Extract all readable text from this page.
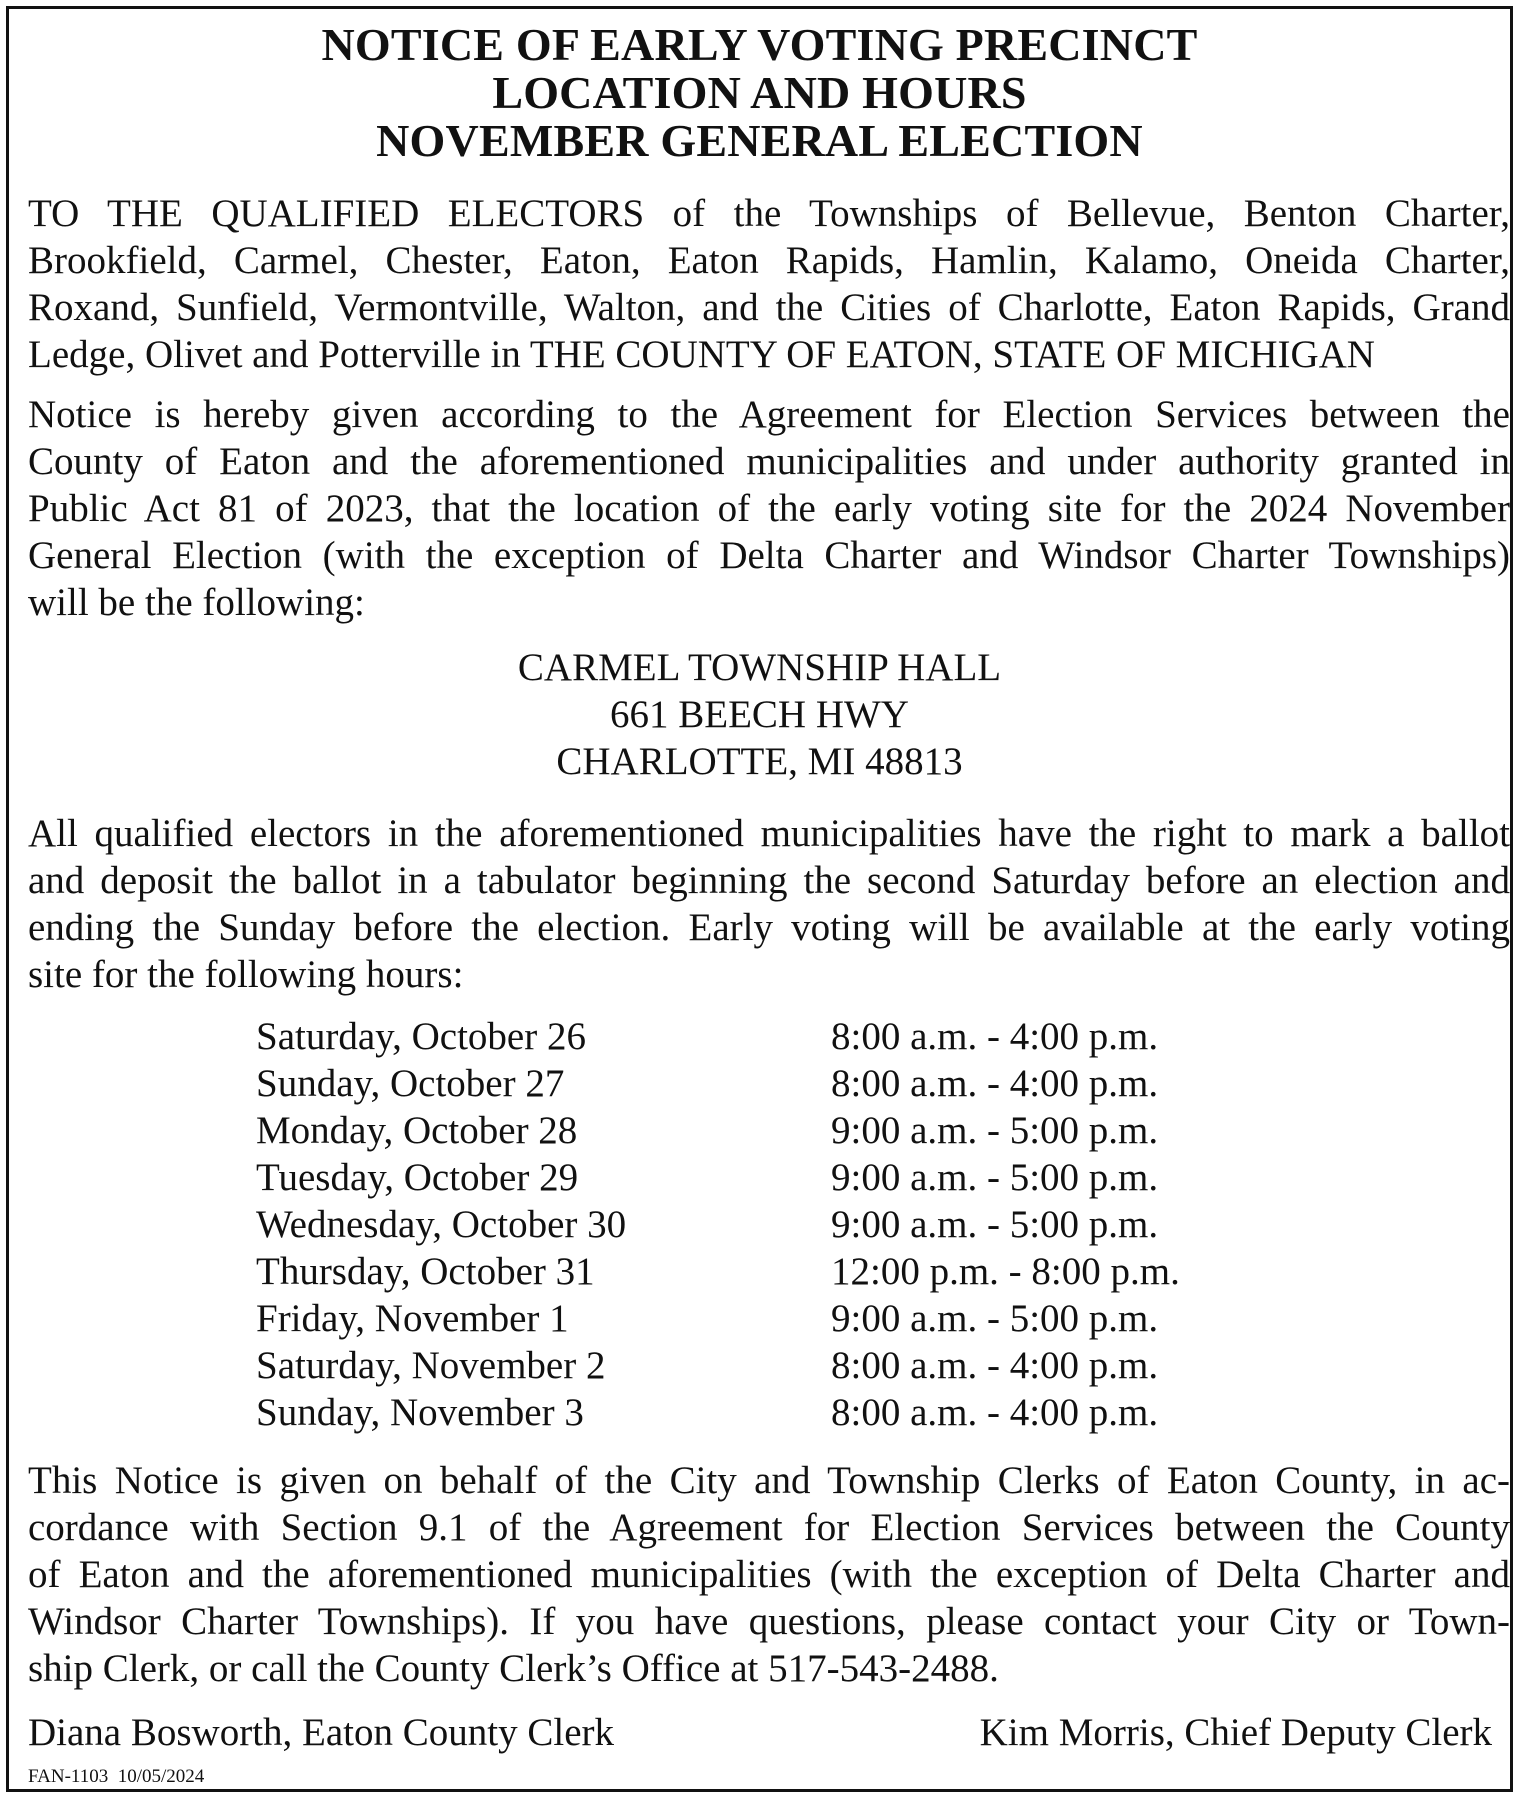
NOTICE OF EARLY VOTING PRECINCT
LOCATION AND HOURS
NOVEMBER GENERAL ELECTION
TO THE QUALIFIED ELECTORS of the Townships of Bellevue, Benton Charter,
Brookfield, Carmel, Chester, Eaton, Eaton Rapids, Hamlin, Kalamo, Oneida Charter,
Roxand, Sunfield, Vermontville, Walton, and the Cities of Charlotte, Eaton Rapids, Grand
Ledge, Olivet and Potterville in THE COUNTY OF EATON, STATE OF MICHIGAN
Notice is hereby given according to the Agreement for Election Services between the
County of Eaton and the aforementioned municipalities and under authority granted in
Public Act 81 of 2023, that the location of the early voting site for the 2024 November
General Election (with the exception of Delta Charter and Windsor Charter Townships)
will be the following:
CARMEL TOWNSHIP HALL
661 BEECH HWY
CHARLOTTE, MI 48813
All qualified electors in the aforementioned municipalities have the right to mark a ballot
and deposit the ballot in a tabulator beginning the second Saturday before an election and
ending the Sunday before the election. Early voting will be available at the early voting
site for the following hours:
Saturday, October 26	8:00 a.m. - 4:00 p.m.
Sunday, October 27	8:00 a.m. - 4:00 p.m.
Monday, October 28	9:00 a.m. - 5:00 p.m.
Tuesday, October 29	9:00 a.m. - 5:00 p.m.
Wednesday, October 30	9:00 a.m. - 5:00 p.m.
Thursday, October 31	12:00 p.m. - 8:00 p.m.
Friday, November 1	9:00 a.m. - 5:00 p.m.
Saturday, November 2	8:00 a.m. - 4:00 p.m.
Sunday, November 3	8:00 a.m. - 4:00 p.m.
This Notice is given on behalf of the City and Township Clerks of Eaton County, in ac-
cordance with Section 9.1 of the Agreement for Election Services between the County
of Eaton and the aforementioned municipalities (with the exception of Delta Charter and
Windsor Charter Townships). If you have questions, please contact your City or Town-
ship Clerk, or call the County Clerk’s Office at 517-543-2488.
Diana Bosworth, Eaton County Clerk	Kim Morris, Chief Deputy Clerk
FAN-1103  10/05/2024
